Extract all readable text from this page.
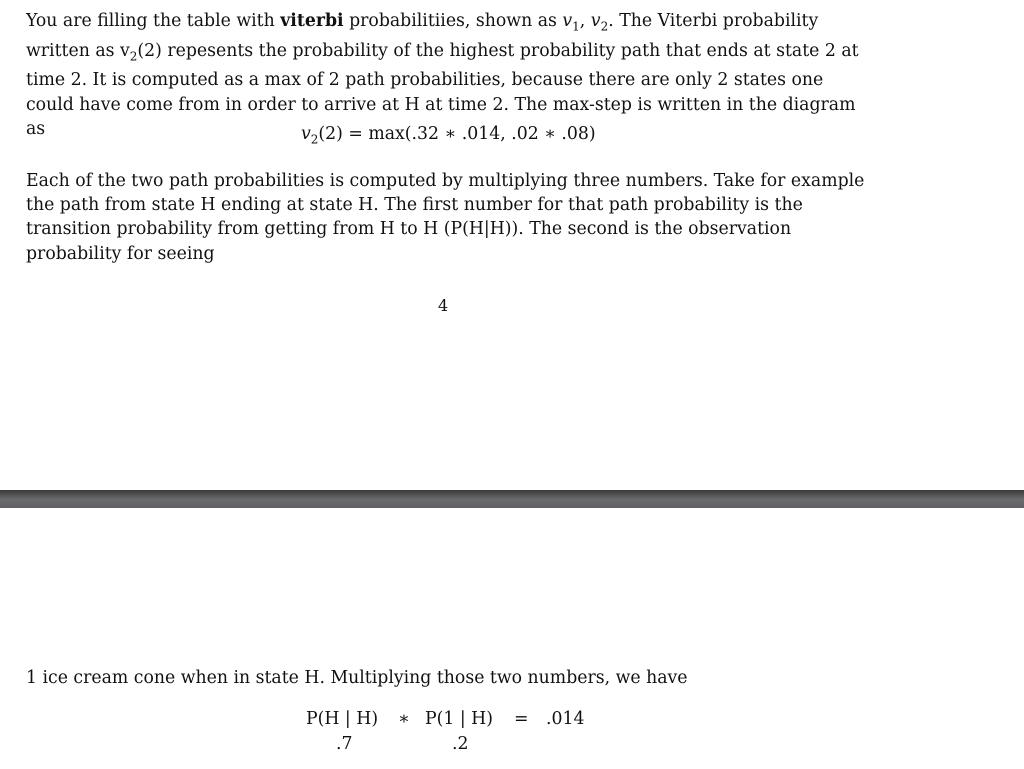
You are filling the table with viterbi probabilitiies, shown as $v_1$, $v_2$. The Viterbi probability written as $v_2(2)$ repesents the probability of the highest probability path that ends at state 2 at time 2. It is computed as a max of 2 path probabilities, because there are only 2 states one could have come from in order to arrive at H at time 2. The max-step is written in the diagram as	$v_2(2) = \max(.32$ ∗ .014, .02 ∗ .08)

Each of the two path probabilities is computed by multiplying three numbers. Take for example the path from state H ending at state H. The first number for that path probability is the transition probability from getting from H to H (P(H|H)). The second is the observation probability for seeing

4

1 ice cream cone when in state H. Multiplying those two numbers, we have

P(H | H) ∗ P(1 | H) = .014
.7	.2
